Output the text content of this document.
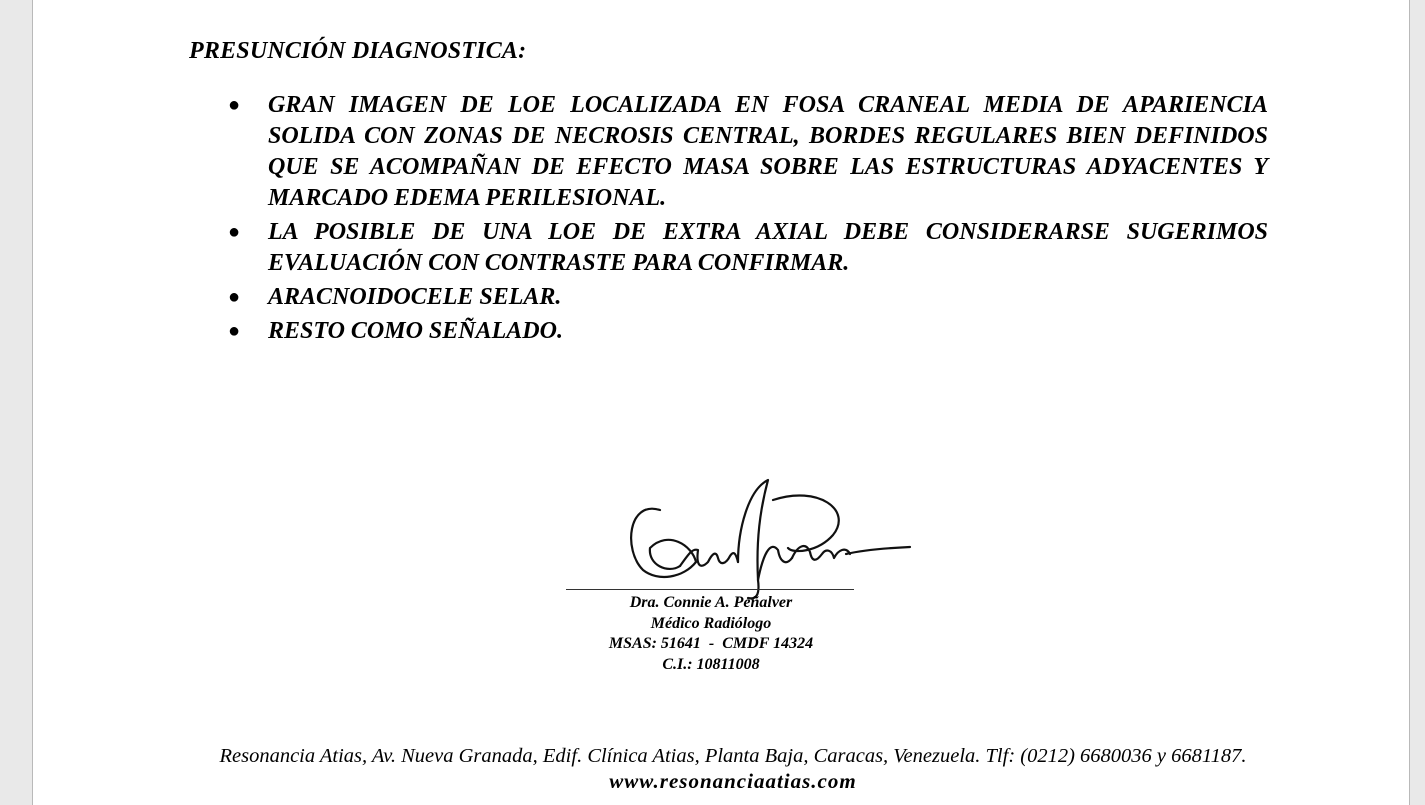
PRESUNCIÓN DIAGNOSTICA:
● GRAN IMAGEN DE LOE LOCALIZADA EN FOSA CRANEAL MEDIA DE APARIENCIA SOLIDA CON ZONAS DE NECROSIS CENTRAL, BORDES REGULARES BIEN DEFINIDOS QUE SE ACOMPAÑAN DE EFECTO MASA SOBRE LAS ESTRUCTURAS ADYACENTES Y MARCADO EDEMA PERILESIONAL.
● LA POSIBLE DE UNA LOE DE EXTRA AXIAL DEBE CONSIDERARSE SUGERIMOS EVALUACIÓN CON CONTRASTE PARA CONFIRMAR.
● ARACNOIDOCELE SELAR.
● RESTO COMO SEÑALADO.
Dra. Connie A. Peñalver
Médico Radiólogo
MSAS: 51641  -  CMDF 14324
C.I.: 10811008
Resonancia Atias, Av. Nueva Granada, Edif. Clínica Atias, Planta Baja, Caracas, Venezuela. Tlf: (0212) 6680036 y 6681187.
www.resonanciaatias.com
